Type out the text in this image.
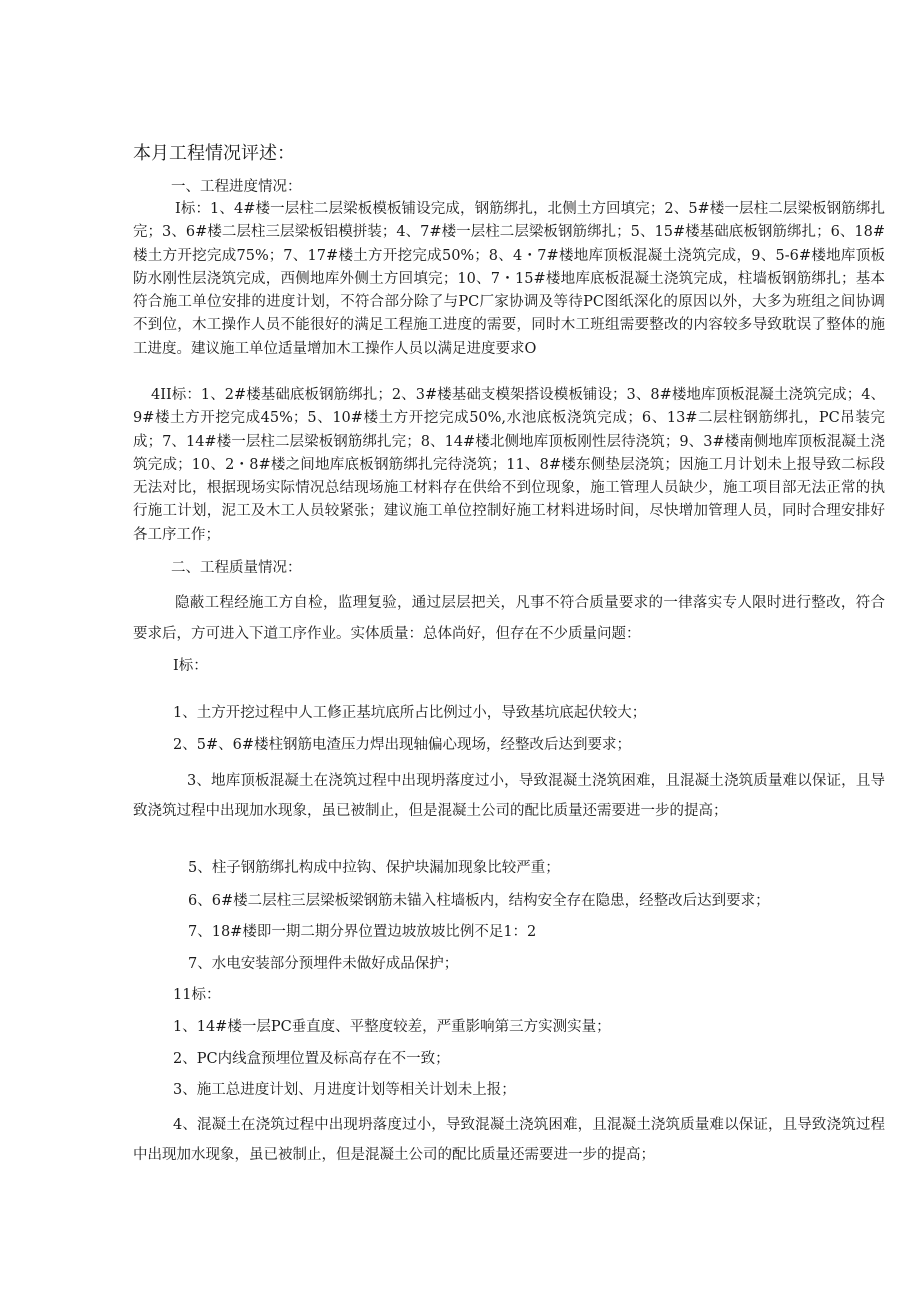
本月工程情况评述：
一、工程进度情况：
I标：1、4#楼一层柱二层梁板模板铺设完成，钢筋绑扎，北侧土方回填完；2、5#楼一层柱二层梁板钢筋绑扎完；3、6#楼二层柱三层梁板铝模拼装；4、7#楼一层柱二层梁板钢筋绑扎；5、15#楼基础底板钢筋绑扎；6、18#楼土方开挖完成75%；7、17#楼土方开挖完成50%；8、4・7#楼地库顶板混凝土浇筑完成，9、5-6#楼地库顶板防水刚性层浇筑完成，西侧地库外侧土方回填完；10、7・15#楼地库底板混凝土浇筑完成，柱墙板钢筋绑扎；基本符合施工单位安排的进度计划，不符合部分除了与PC厂家协调及等待PC图纸深化的原因以外，大多为班组之间协调不到位，木工操作人员不能很好的满足工程施工进度的需要，同时木工班组需要整改的内容较多导致耽误了整体的施工进度。建议施工单位适量增加木工操作人员以满足进度要求O
4II标：1、2#楼基础底板钢筋绑扎；2、3#楼基础支模架搭设模板铺设；3、8#楼地库顶板混凝土浇筑完成；4、9#楼土方开挖完成45%；5、10#楼土方开挖完成50%,水池底板浇筑完成；6、13#二层柱钢筋绑扎，PC吊装完成；7、14#楼一层柱二层梁板钢筋绑扎完；8、14#楼北侧地库顶板刚性层待浇筑；9、3#楼南侧地库顶板混凝土浇筑完成；10、2・8#楼之间地库底板钢筋绑扎完待浇筑；11、8#楼东侧垫层浇筑；因施工月计划未上报导致二标段无法对比，根据现场实际情况总结现场施工材料存在供给不到位现象，施工管理人员缺少，施工项目部无法正常的执行施工计划，泥工及木工人员较紧张；建议施工单位控制好施工材料进场时间，尽快增加管理人员，同时合理安排好各工序工作；
二、工程质量情况：
隐蔽工程经施工方自检，监理复验，通过层层把关，凡事不符合质量要求的一律落实专人限时进行整改，符合要求后，方可进入下道工序作业。实体质量：总体尚好，但存在不少质量问题：
I标：
1、土方开挖过程中人工修正基坑底所占比例过小，导致基坑底起伏较大；
2、5#、6#楼柱钢筋电渣压力焊出现轴偏心现场，经整改后达到要求；
3、地库顶板混凝土在浇筑过程中出现坍落度过小，导致混凝土浇筑困难，且混凝土浇筑质量难以保证，且导致浇筑过程中出现加水现象，虽已被制止，但是混凝土公司的配比质量还需要进一步的提高；
5、柱子钢筋绑扎构成中拉钩、保护块漏加现象比较严重；
6、6#楼二层柱三层梁板梁钢筋未锚入柱墙板内，结构安全存在隐患，经整改后达到要求；
7、18#楼即一期二期分界位置边坡放坡比例不足1：2
7、水电安装部分预埋件未做好成品保护；
11标：
1、14#楼一层PC垂直度、平整度较差，严重影响第三方实测实量；
2、PC内线盒预埋位置及标高存在不一致；
3、施工总进度计划、月进度计划等相关计划未上报；
4、混凝土在浇筑过程中出现坍落度过小，导致混凝土浇筑困难，且混凝土浇筑质量难以保证，且导致浇筑过程中出现加水现象，虽已被制止，但是混凝土公司的配比质量还需要进一步的提高；
